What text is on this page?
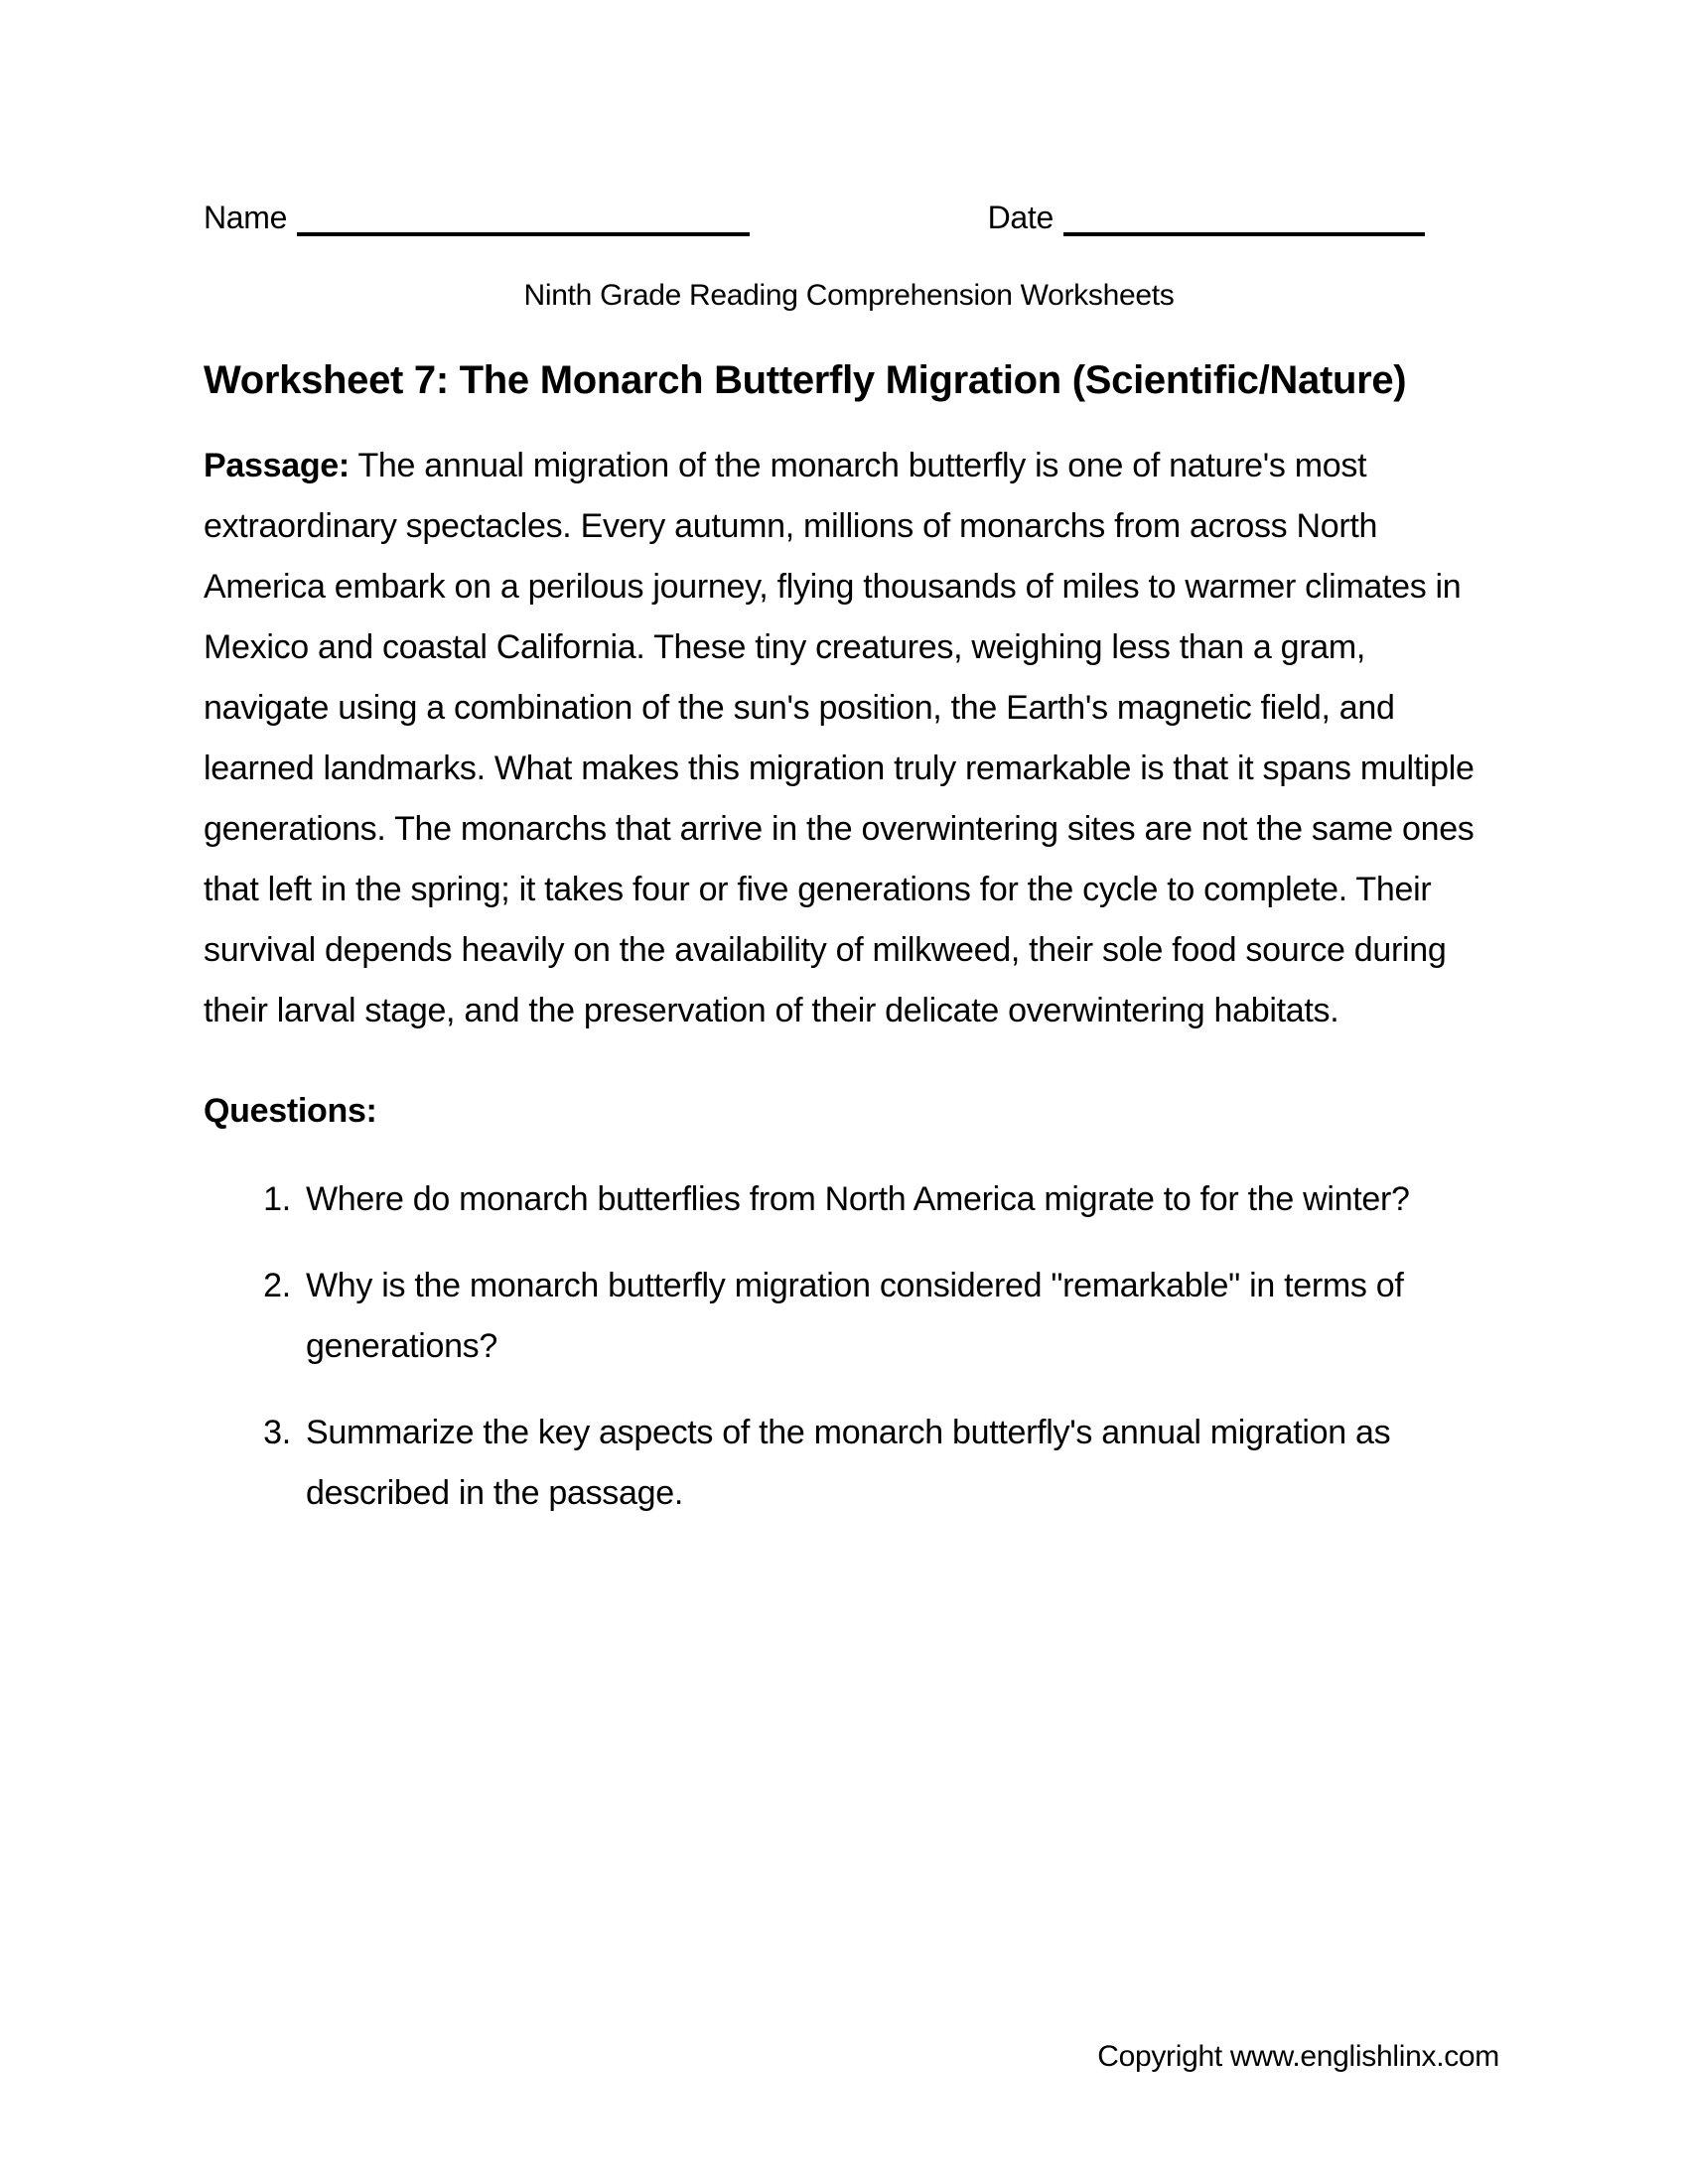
Name	Date
Ninth Grade Reading Comprehension Worksheets
Worksheet 7: The Monarch Butterfly Migration (Scientific/Nature)

Passage: The annual migration of the monarch butterfly is one of nature's most extraordinary spectacles. Every autumn, millions of monarchs from across North America embark on a perilous journey, flying thousands of miles to warmer climates in Mexico and coastal California. These tiny creatures, weighing less than a gram, navigate using a combination of the sun's position, the Earth's magnetic field, and learned landmarks. What makes this migration truly remarkable is that it spans multiple generations. The monarchs that arrive in the overwintering sites are not the same ones that left in the spring; it takes four or five generations for the cycle to complete. Their survival depends heavily on the availability of milkweed, their sole food source during their larval stage, and the preservation of their delicate overwintering habitats.

Questions:
1. Where do monarch butterflies from North America migrate to for the winter?
2. Why is the monarch butterfly migration considered "remarkable" in terms of generations?
3. Summarize the key aspects of the monarch butterfly's annual migration as described in the passage.
Copyright www.englishlinx.com
